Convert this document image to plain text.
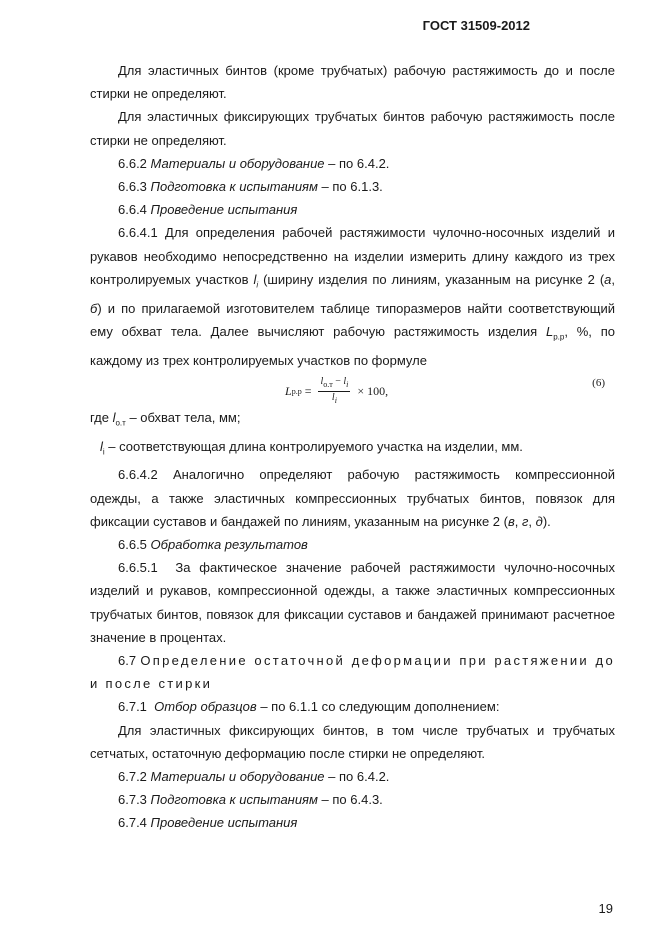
ГОСТ 31509-2012

Для эластичных бинтов (кроме трубчатых) рабочую растяжимость до и после стирки не определяют.

Для эластичных фиксирующих трубчатых бинтов рабочую растяжимость после стирки не определяют.

6.6.2 Материалы и оборудование – по 6.4.2.

6.6.3 Подготовка к испытаниям – по 6.1.3.

6.6.4 Проведение испытания

6.6.4.1 Для определения рабочей растяжимости чулочно-носочных изделий и рукавов необходимо непосредственно на изделии измерить длину каждого из трех контролируемых участков $l_i$ (ширину изделия по линиям, указанным на рисунке 2 (а, б) и по прилагаемой изготовителем таблице типоразмеров найти соответствующий ему обхват тела. Далее вычисляют рабочую растяжимость изделия $L_{р.р}$, %, по каждому из трех контролируемых участков по формуле

L $р.р = \frac{l_{о.т} - l_i}{l_i} \times 100$,
(6)

где $l_{о.т}$ – обхват тела, мм;

$l_i$ – соответствующая длина контролируемого участка на изделии, мм.

6.6.4.2   Аналогично   определяют   рабочую   растяжимость   компрессионной одежды, а также эластичных компрессионных трубчатых бинтов, повязок для фиксации суставов и бандажей по линиям, указанным на рисунке 2 (в, г, д).

6.6.5 Обработка результатов

6.6.5.1  За фактическое значение рабочей растяжимости чулочно-носочных изделий и рукавов, компрессионной одежды, а также эластичных компрессионных трубчатых бинтов, повязок для фиксации суставов и бандажей принимают расчетное значение в процентах.

6.7 Определение остаточной деформации при растяжении до и после стирки

6.7.1 Отбор образцов – по 6.1.1 со следующим дополнением:

Для эластичных фиксирующих бинтов, в том числе трубчатых и трубчатых сетчатых, остаточную деформацию после стирки не определяют.

6.7.2 Материалы и оборудование – по 6.4.2.

6.7.3 Подготовка к испытаниям – по 6.4.3.

6.7.4 Проведение испытания

19
